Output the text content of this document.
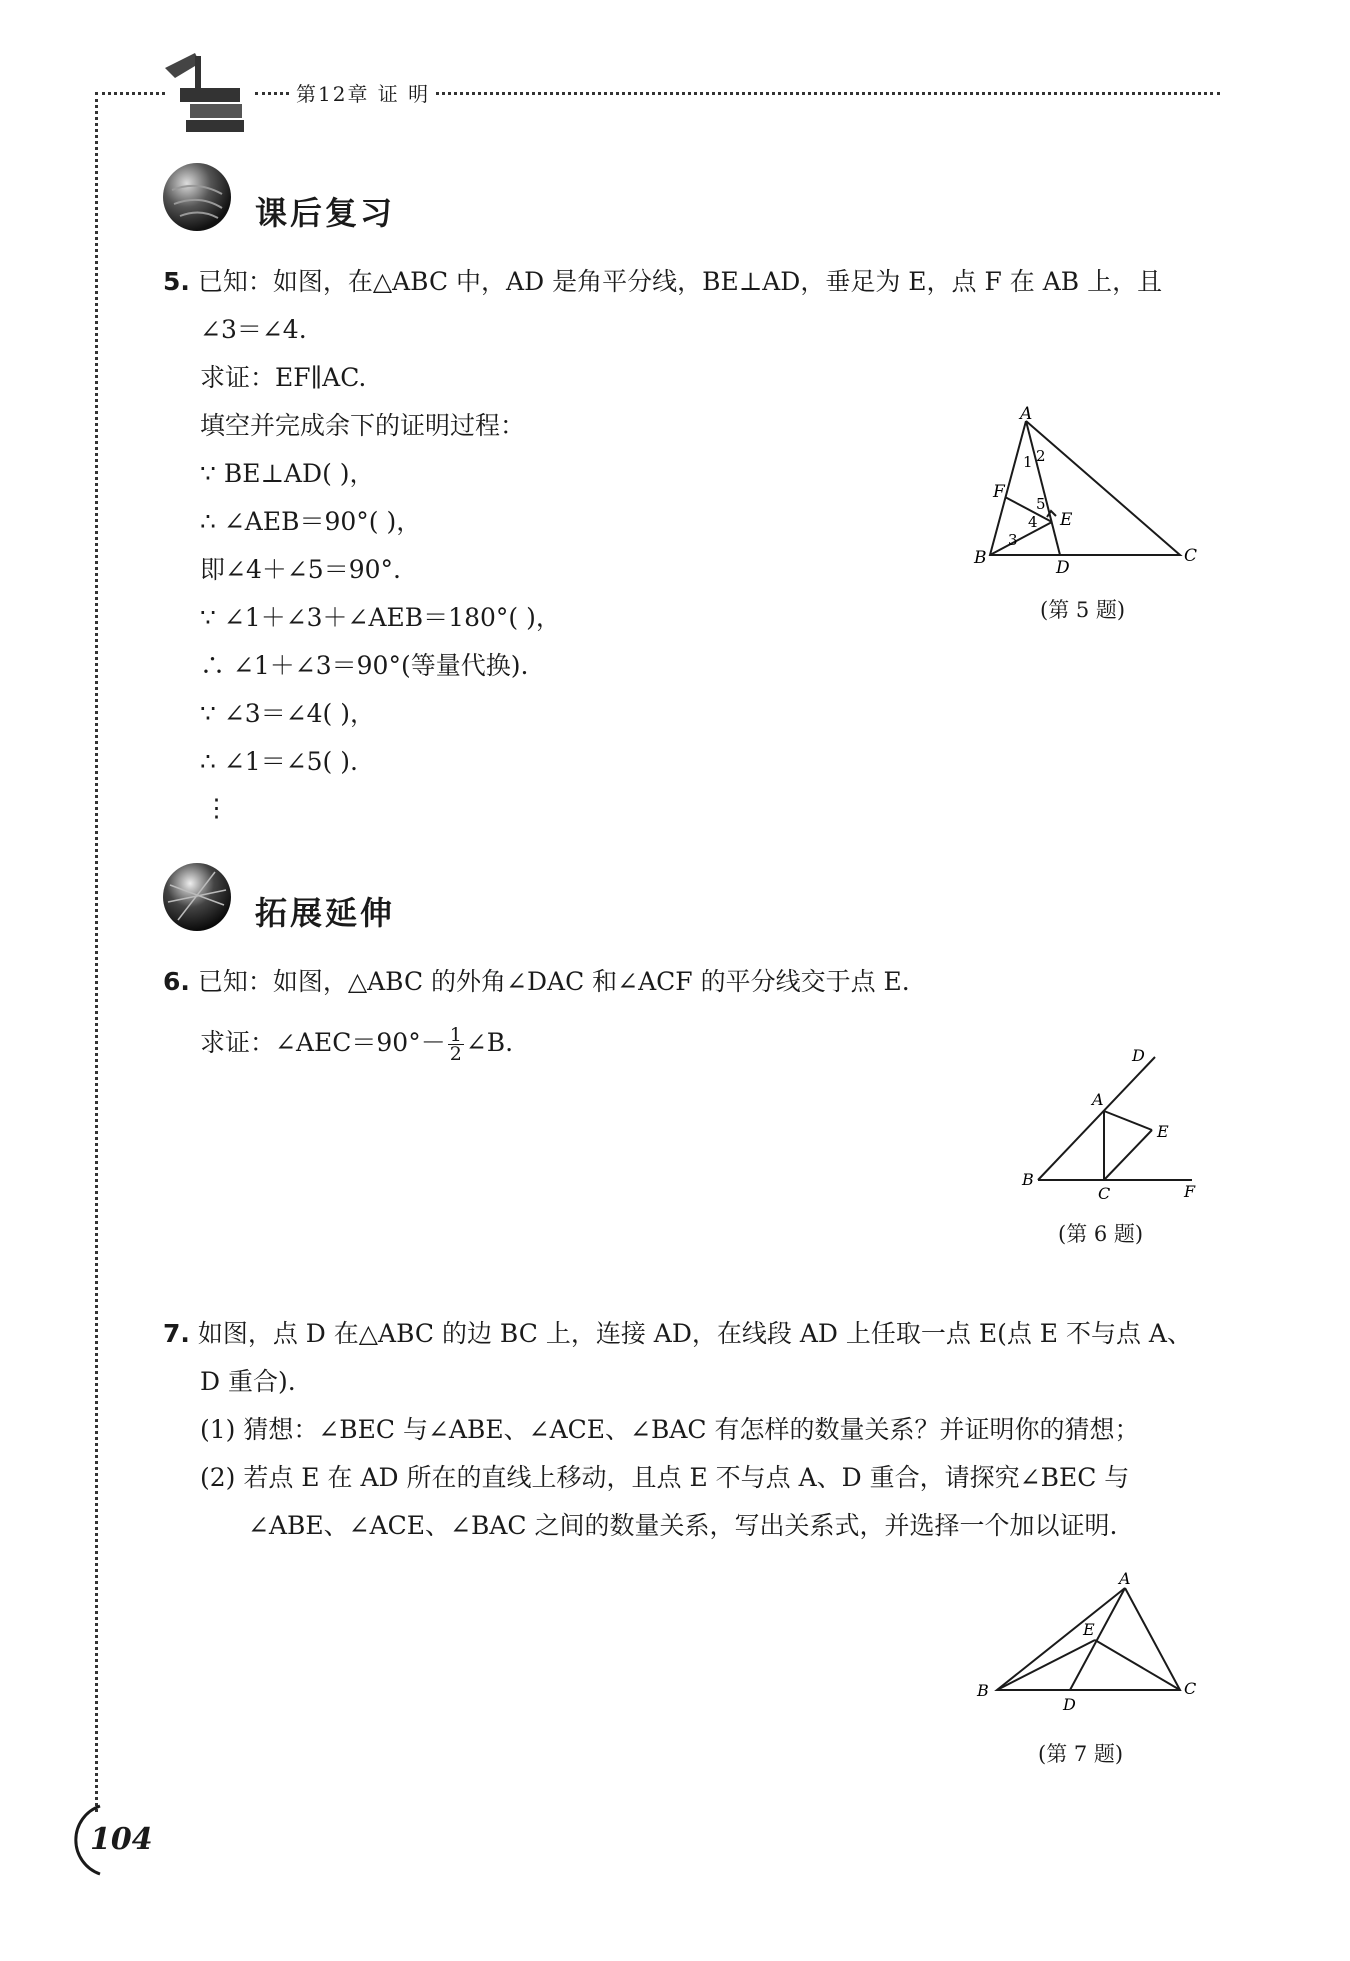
第12章 证 明
课后复习
5. 已知：如图，在△ABC 中，AD 是角平分线，BE⊥AD，垂足为 E，点 F 在 AB 上，且
∠3＝∠4.
求证：EF∥AC.
填空并完成余下的证明过程：
∵ BE⊥AD( )，
∴ ∠AEB＝90°( )，
即∠4＋∠5＝90°.
∵ ∠1＋∠3＋∠AEB＝180°( )，
∴ ∠1＋∠3＝90°(等量代换).
∵ ∠3＝∠4( )，
∴ ∠1＝∠5( ).
⋮
A
B	C
D
E
F
1 2
3
4
5
(第 5 题)
拓展延伸
6. 已知：如图，△ABC 的外角∠DAC 和∠ACF 的平分线交于点 E.
求证：∠AEC＝90°－ $\frac{1}{2}$ ∠B.	D
A
E
B
C	F
(第 6 题)
7. 如图，点 D 在△ABC 的边 BC 上，连接 AD，在线段 AD 上任取一点 E(点 E 不与点 A、
D 重合).
(1) 猜想：∠BEC 与∠ABE、∠ACE、∠BAC 有怎样的数量关系？并证明你的猜想；
(2) 若点 E 在 AD 所在的直线上移动，且点 E 不与点 A、D 重合，请探究∠BEC 与
∠ABE、∠ACE、∠BAC 之间的数量关系，写出关系式，并选择一个加以证明.
A
E
B
D
C
(第 7 题)
104
